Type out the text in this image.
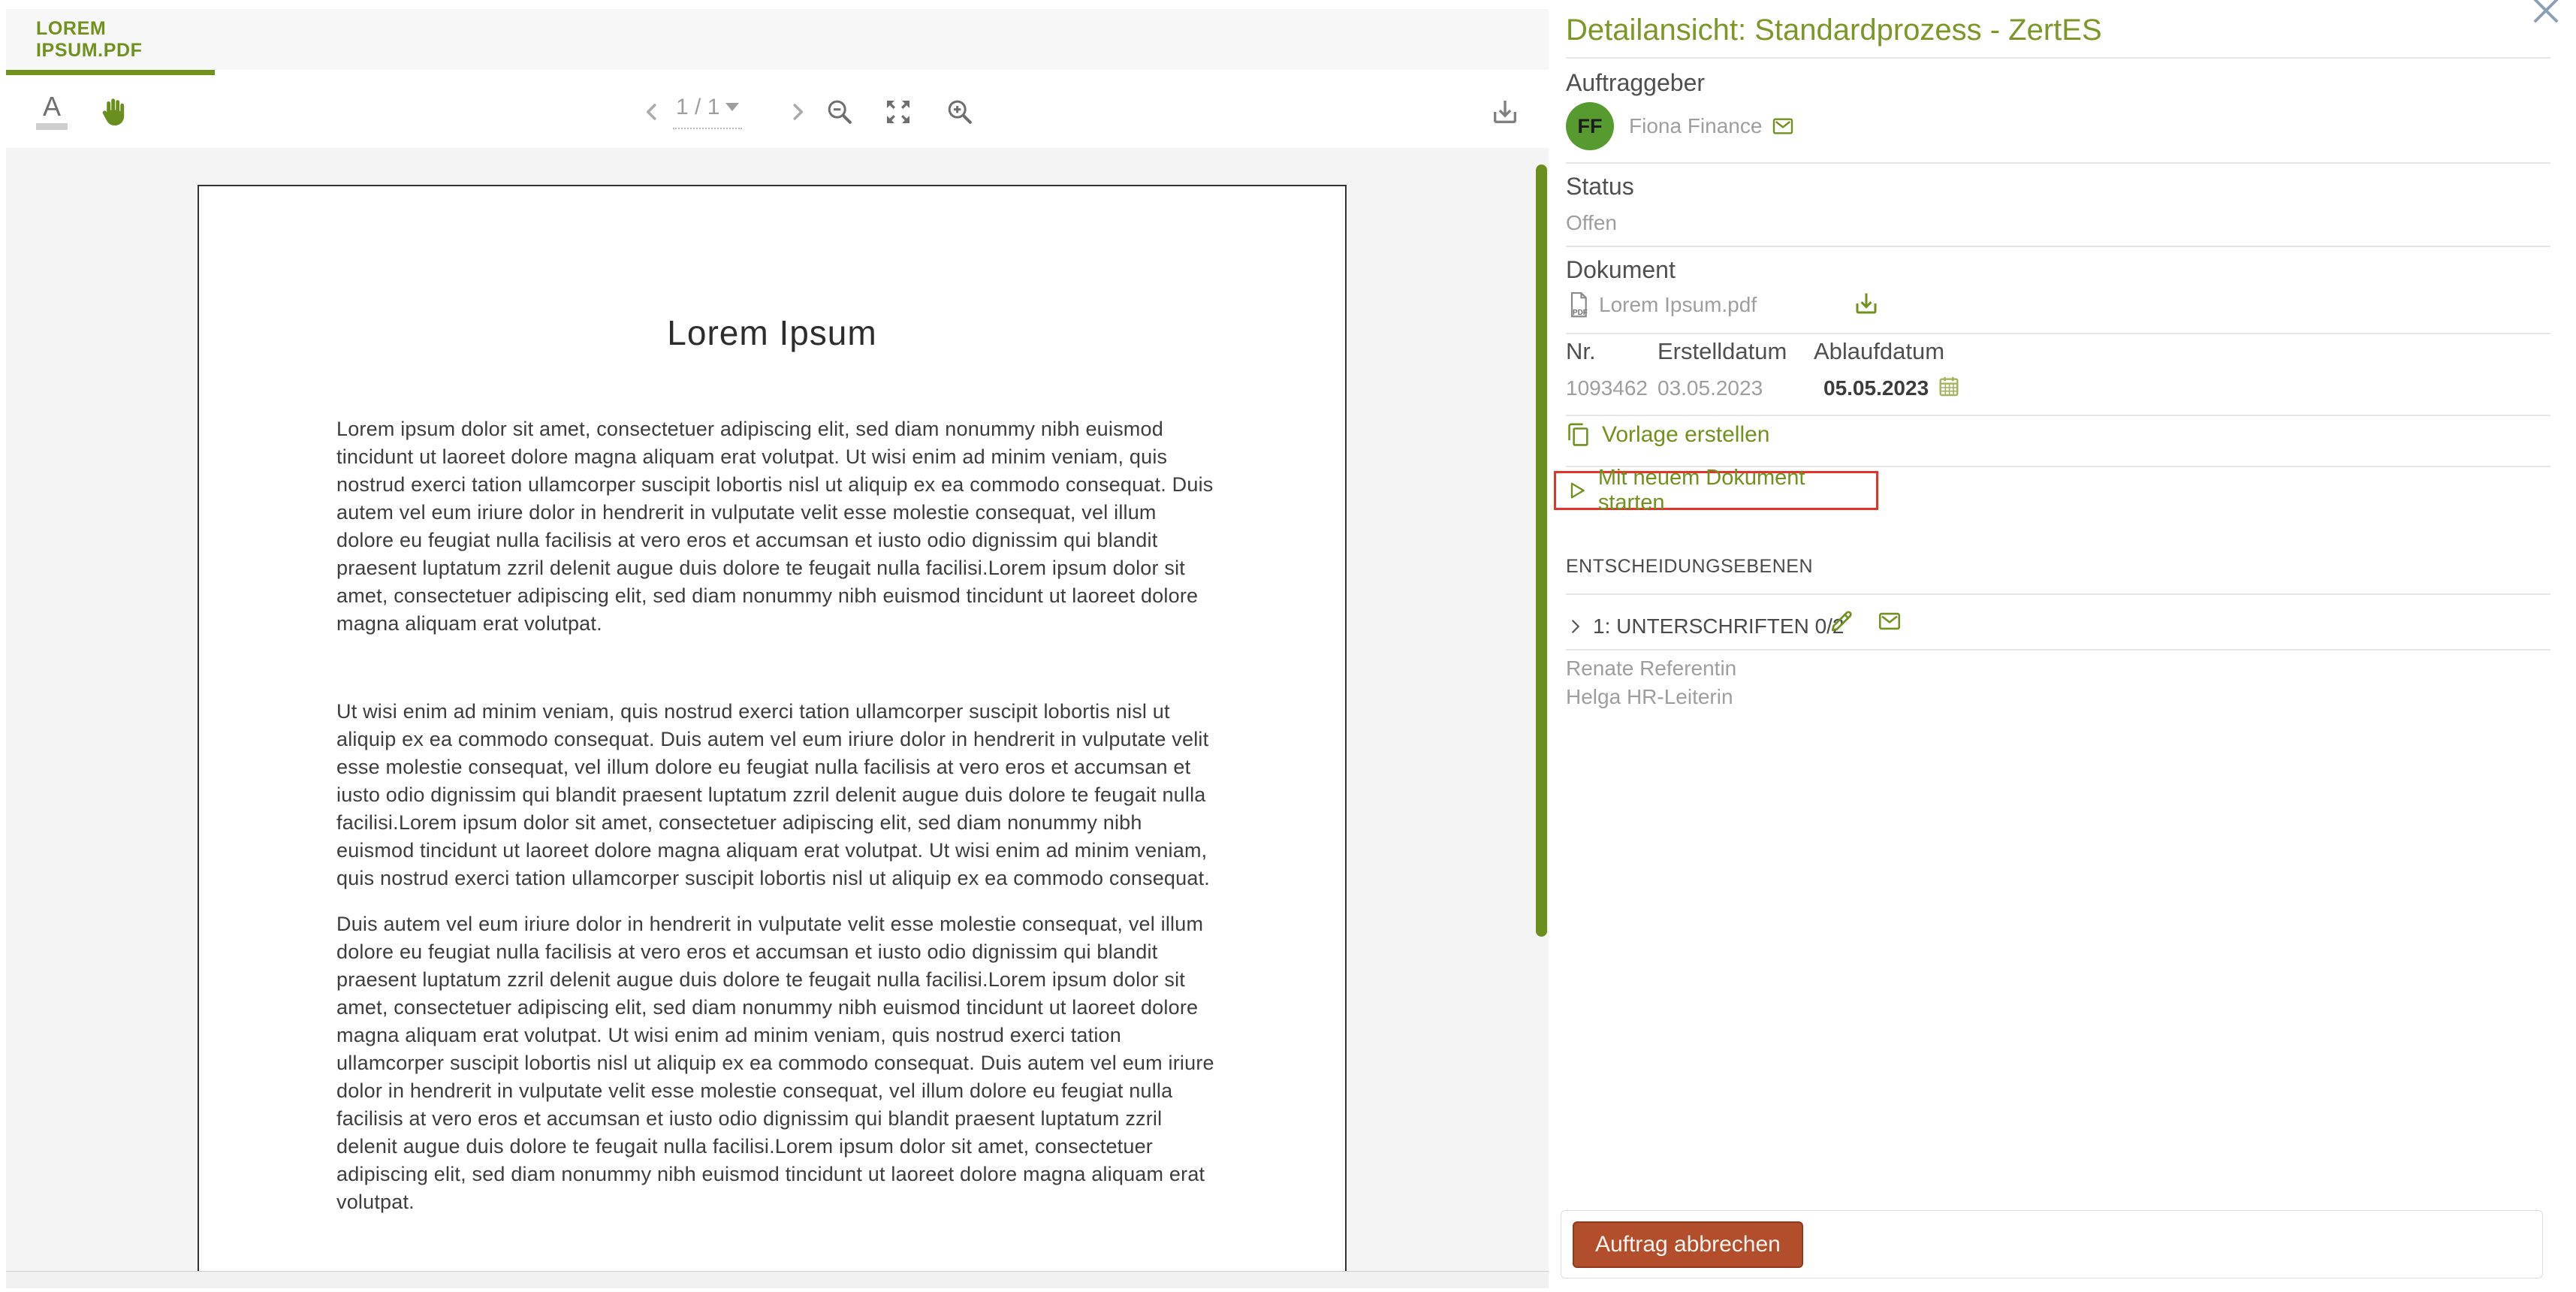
LOREM IPSUM.PDF
A	1 / 1
Lorem Ipsum

Lorem ipsum dolor sit amet, consectetuer adipiscing elit, sed diam nonummy nibh euismod tincidunt ut laoreet dolore magna aliquam erat volutpat. Ut wisi enim ad minim veniam, quis nostrud exerci tation ullamcorper suscipit lobortis nisl ut aliquip ex ea commodo consequat. Duis autem vel eum iriure dolor in hendrerit in vulputate velit esse molestie consequat, vel illum dolore eu feugiat nulla facilisis at vero eros et accumsan et iusto odio dignissim qui blandit praesent luptatum zzril delenit augue duis dolore te feugait nulla facilisi.Lorem ipsum dolor sit amet, consectetuer adipiscing elit, sed diam nonummy nibh euismod tincidunt ut laoreet dolore magna aliquam erat volutpat.

Ut wisi enim ad minim veniam, quis nostrud exerci tation ullamcorper suscipit lobortis nisl ut aliquip ex ea commodo consequat. Duis autem vel eum iriure dolor in hendrerit in vulputate velit esse molestie consequat, vel illum dolore eu feugiat nulla facilisis at vero eros et accumsan et iusto odio dignissim qui blandit praesent luptatum zzril delenit augue duis dolore te feugait nulla facilisi.Lorem ipsum dolor sit amet, consectetuer adipiscing elit, sed diam nonummy nibh euismod tincidunt ut laoreet dolore magna aliquam erat volutpat. Ut wisi enim ad minim veniam, quis nostrud exerci tation ullamcorper suscipit lobortis nisl ut aliquip ex ea commodo consequat.

Duis autem vel eum iriure dolor in hendrerit in vulputate velit esse molestie consequat, vel illum dolore eu feugiat nulla facilisis at vero eros et accumsan et iusto odio dignissim qui blandit praesent luptatum zzril delenit augue duis dolore te feugait nulla facilisi.Lorem ipsum dolor sit amet, consectetuer adipiscing elit, sed diam nonummy nibh euismod tincidunt ut laoreet dolore magna aliquam erat volutpat. Ut wisi enim ad minim veniam, quis nostrud exerci tation ullamcorper suscipit lobortis nisl ut aliquip ex ea commodo consequat. Duis autem vel eum iriure dolor in hendrerit in vulputate velit esse molestie consequat, vel illum dolore eu feugiat nulla facilisis at vero eros et accumsan et iusto odio dignissim qui blandit praesent luptatum zzril delenit augue duis dolore te feugait nulla facilisi.Lorem ipsum dolor sit amet, consectetuer adipiscing elit, sed diam nonummy nibh euismod tincidunt ut laoreet dolore magna aliquam erat volutpat.

Detailansicht: Standardprozess - ZertES
Auftraggeber
FF	Fiona Finance
Status
Offen
Dokument
PDF Lorem Ipsum.pdf
Nr.	Erstelldatum Ablaufdatum
1093462 03.05.2023	05.05.2023
Vorlage erstellen
Mit neuem Dokument starten
ENTSCHEIDUNGSEBENEN
1: UNTERSCHRIFTEN 0/2
Renate Referentin
Helga HR-Leiterin
Auftrag abbrechen
